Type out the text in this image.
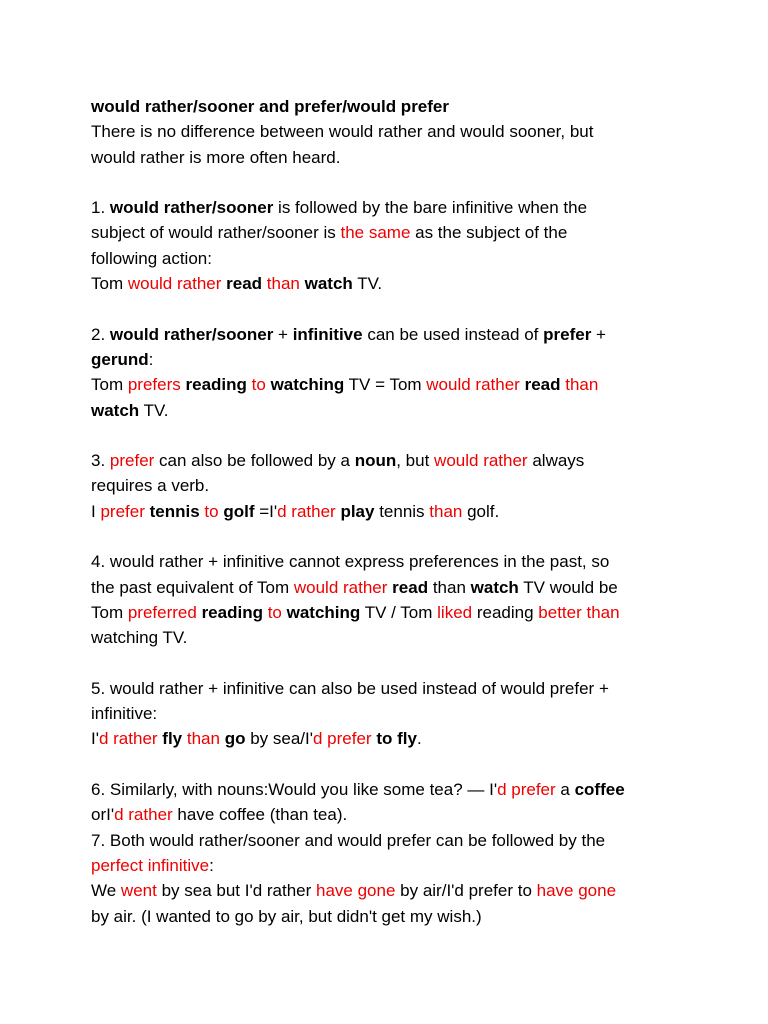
would rather/sooner and prefer/would prefer
There is no difference between would rather and would sooner, but
would rather is more often heard.
1. would rather/sooner is followed by the bare infinitive when the
subject of would rather/sooner is the same as the subject of the
following action:
Tom would rather read than watch TV.
2. would rather/sooner + infinitive can be used instead of prefer +
gerund:
Tom prefers reading to watching TV = Tom would rather read than
watch TV.
3. prefer can also be followed by a noun, but would rather always
requires a verb.
I prefer tennis to golf =I'd rather play tennis than golf.
4. would rather + infinitive cannot express preferences in the past, so
the past equivalent of Tom would rather read than watch TV would be
Tom preferred reading to watching TV / Tom liked reading better than
watching TV.
5. would rather + infinitive can also be used instead of would prefer +
infinitive:
I'd rather fly than go by sea/I'd prefer to fly.
6. Similarly, with nouns:Would you like some tea? — I'd prefer a coffee
orI'd rather have coffee (than tea).
7. Both would rather/sooner and would prefer can be followed by the
perfect infinitive:
We went by sea but I'd rather have gone by air/I'd prefer to have gone
by air. (I wanted to go by air, but didn't get my wish.)
